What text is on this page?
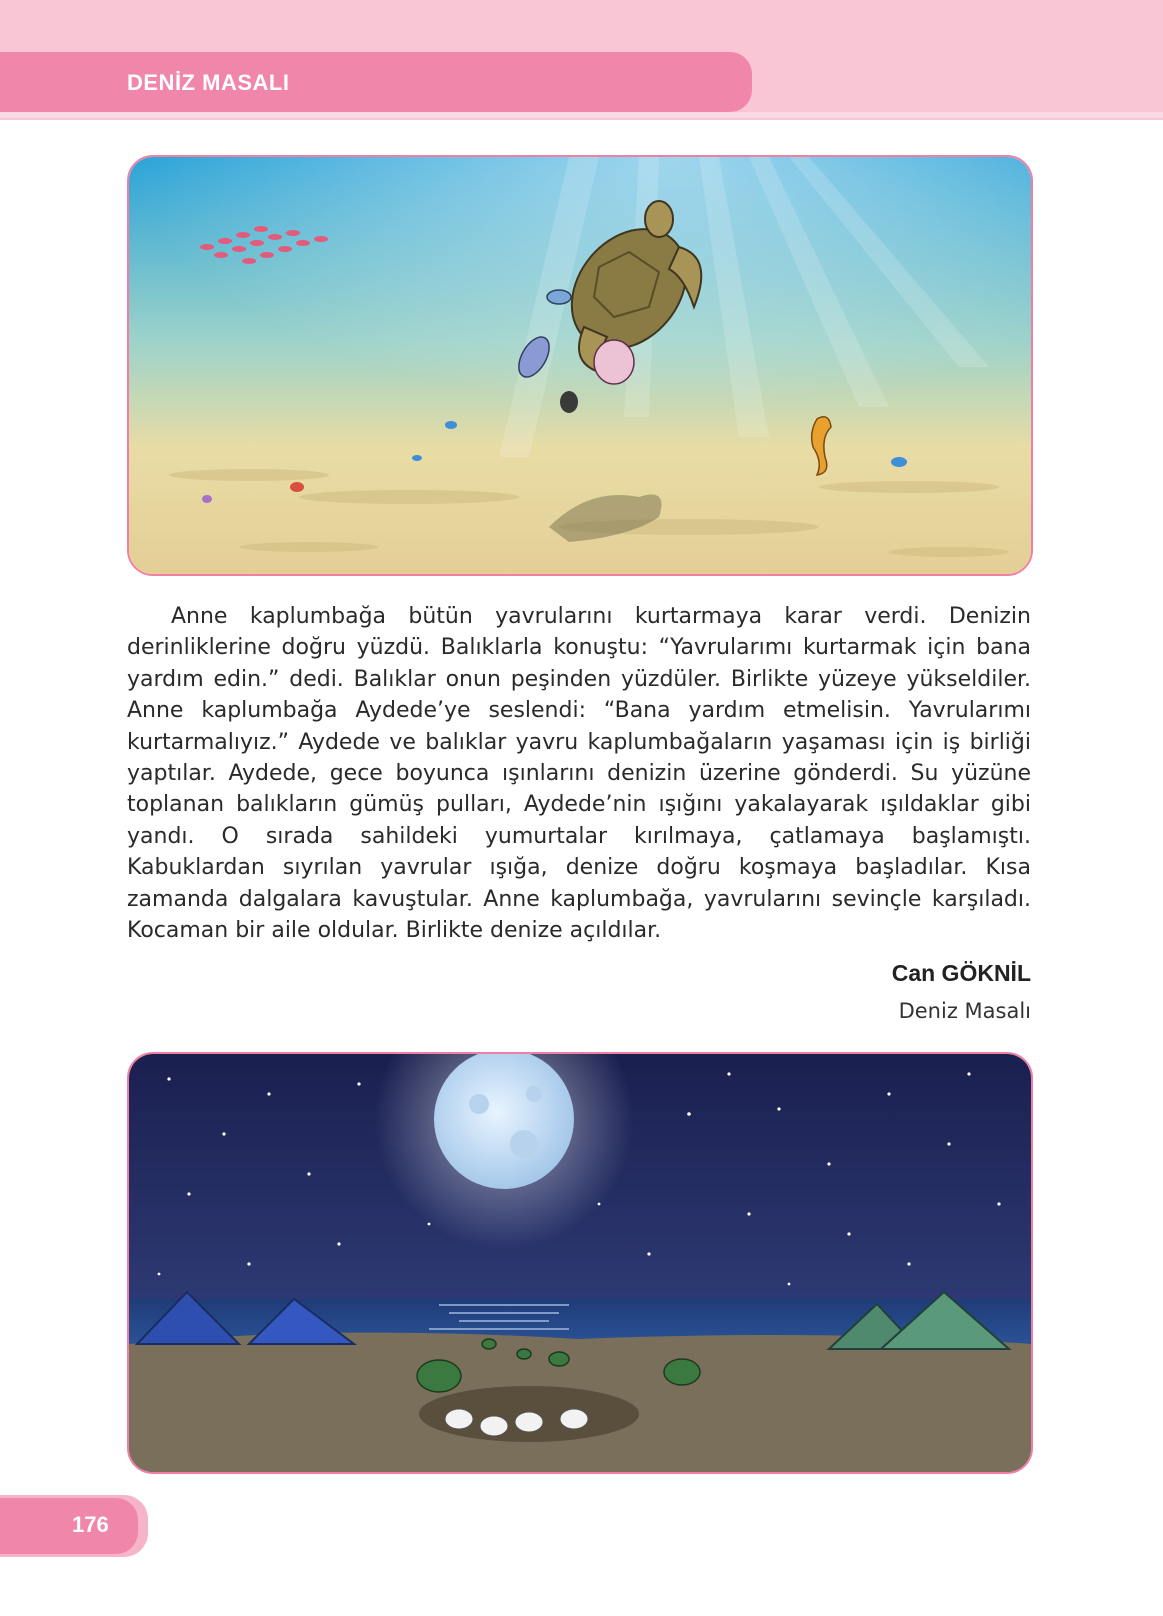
DENİZ MASALI

Anne kaplumbağa bütün yavrularını kurtarmaya karar verdi. Denizin derinliklerine doğru yüzdü. Balıklarla konuştu: “Yavrularımı kurtarmak için bana yardım edin.” dedi. Balıklar onun peşinden yüzdüler. Birlikte yüzeye yükseldiler. Anne kaplumbağa Aydede’ye seslendi: “Bana yardım etmelisin. Yavrularımı kurtarmalıyız.” Aydede ve balıklar yavru kaplumbağaların yaşaması için iş birliği yaptılar. Aydede, gece boyunca ışınlarını denizin üzerine gönderdi. Su yüzüne toplanan balıkların gümüş pulları, Aydede’nin ışığını yakalayarak ışıldaklar gibi yandı. O sırada sahildeki yumurtalar kırılmaya, çatlamaya başlamıştı. Kabuklardan sıyrılan yavrular ışığa, denize doğru koşmaya başladılar. Kısa zamanda dalgalara kavuştular. Anne kaplumbağa, yavrularını sevinçle karşıladı. Kocaman bir aile oldular. Birlikte denize açıldılar.

Can GÖKNİL
Deniz Masalı
176
